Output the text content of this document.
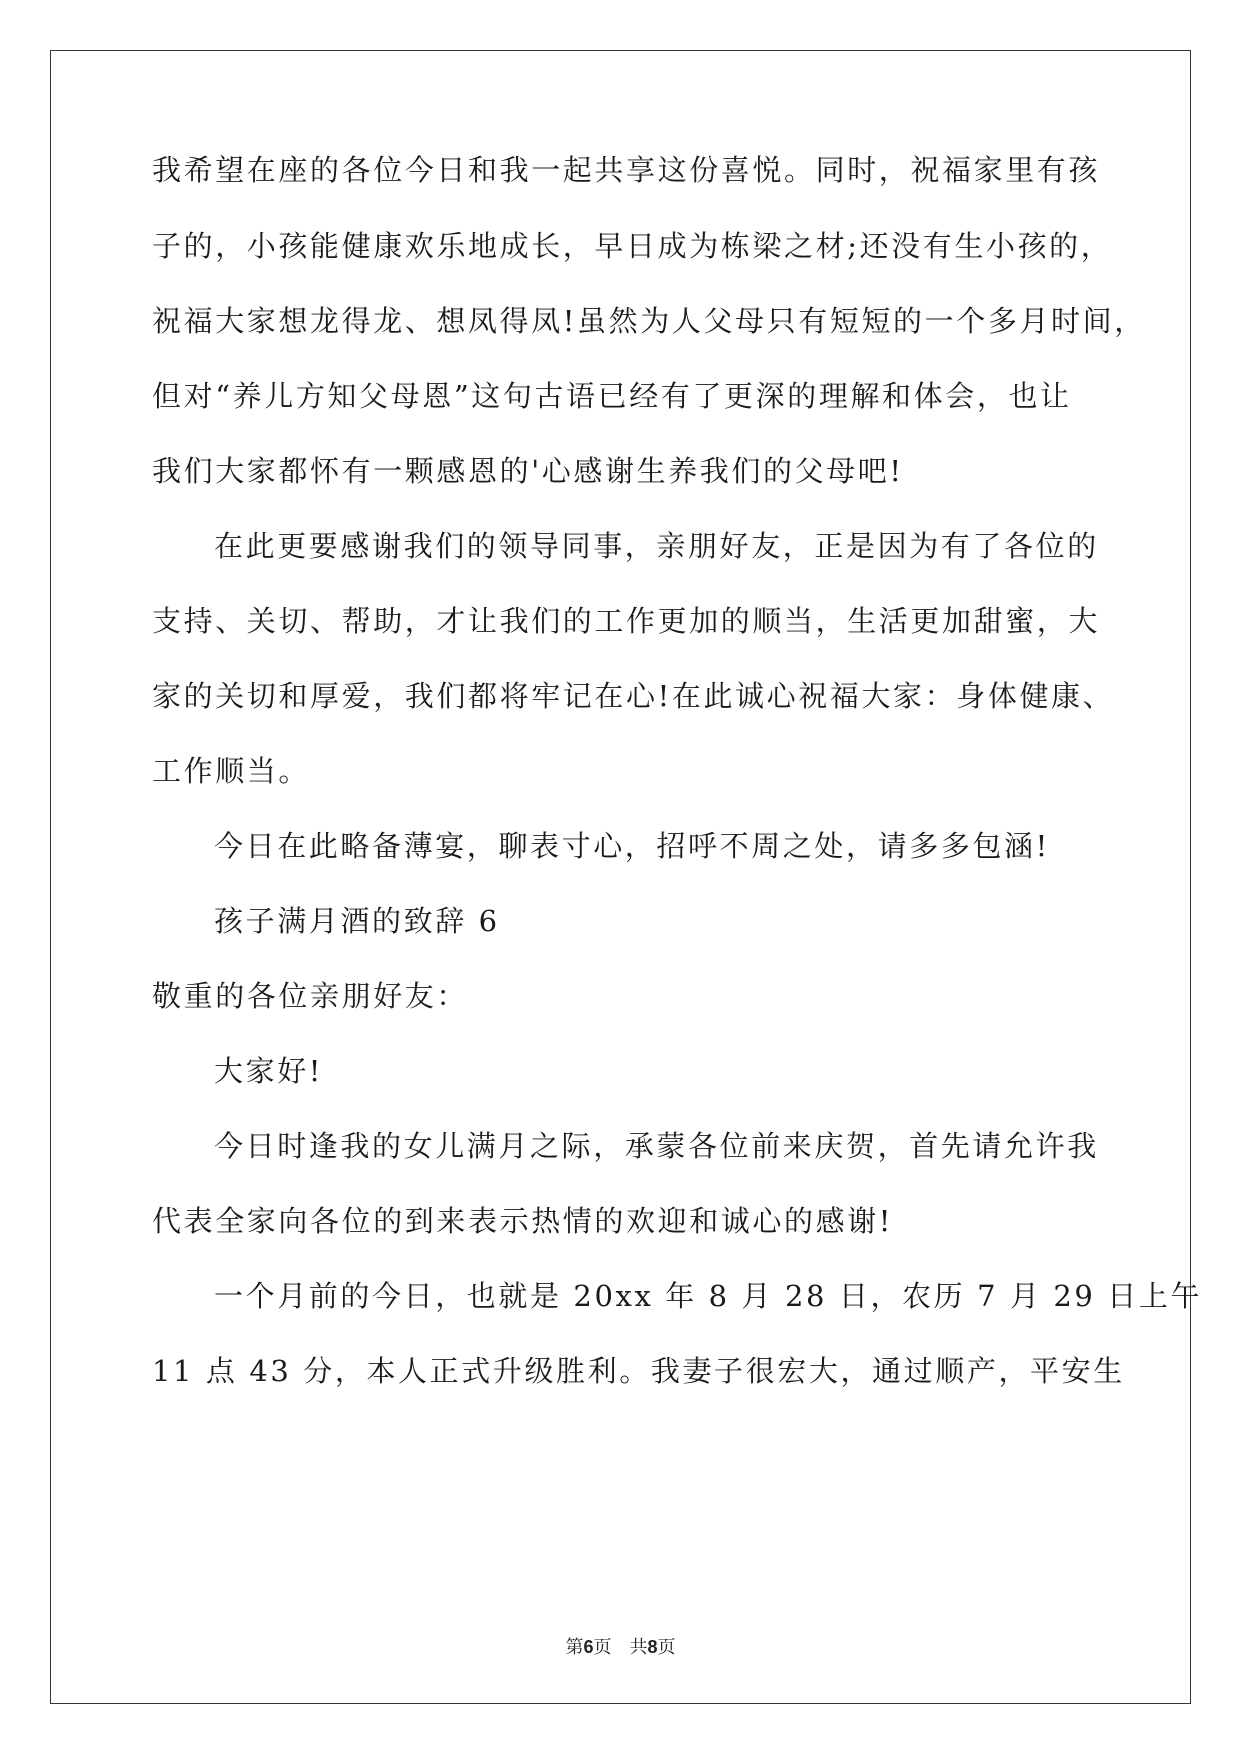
我希望在座的各位今日和我一起共享这份喜悦。同时，祝福家里有孩
子的，小孩能健康欢乐地成长，早日成为栋梁之材;还没有生小孩的，
祝福大家想龙得龙、想凤得凤!虽然为人父母只有短短的一个多月时间，
但对“养儿方知父母恩”这句古语已经有了更深的理解和体会，也让
我们大家都怀有一颗感恩的'心感谢生养我们的父母吧!
在此更要感谢我们的领导同事，亲朋好友，正是因为有了各位的
支持、关切、帮助，才让我们的工作更加的顺当，生活更加甜蜜，大
家的关切和厚爱，我们都将牢记在心!在此诚心祝福大家：身体健康、
工作顺当。
今日在此略备薄宴，聊表寸心，招呼不周之处，请多多包涵!
孩子满月酒的致辞 6
敬重的各位亲朋好友：
大家好!
今日时逢我的女儿满月之际，承蒙各位前来庆贺，首先请允许我
代表全家向各位的到来表示热情的欢迎和诚心的感谢!
一个月前的今日，也就是 20xx 年 8 月 28 日，农历 7 月 29 日上午
11 点 43 分，本人正式升级胜利。我妻子很宏大，通过顺产，平安生
第6页　共8页
